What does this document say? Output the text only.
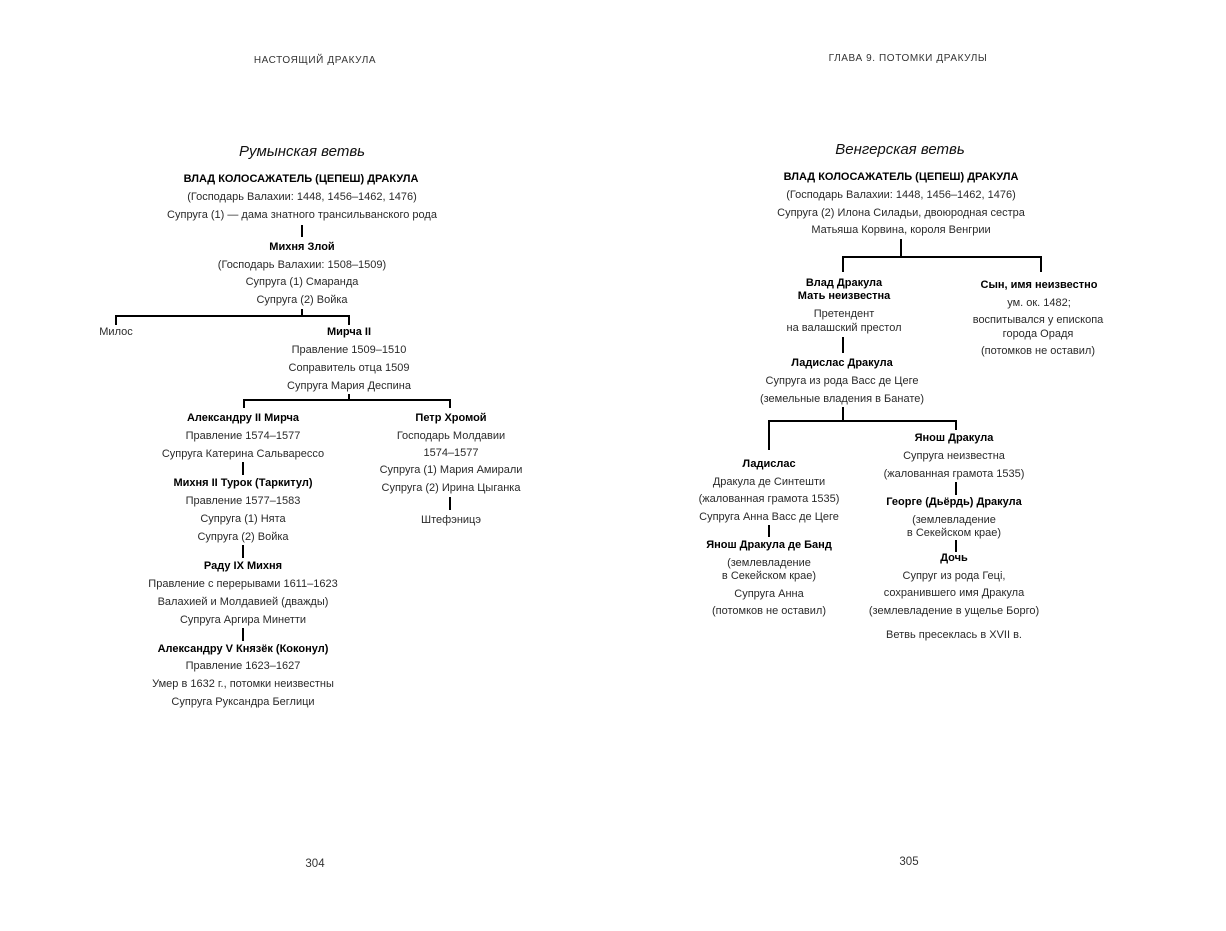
НАСТОЯЩИЙ ДРАКУЛА
Румынская ветвь
ВЛАД КОЛОСАЖАТЕЛЬ (ЦЕПЕШ) ДРАКУЛА
(Господарь Валахии: 1448, 1456–1462, 1476)
Супруга (1) — дама знатного трансильванского рода
Михня Злой
(Господарь Валахии: 1508–1509)
Супруга (1) Смаранда
Супруга (2) Войка
Милос	Мирча II
Правление 1509–1510
Соправитель отца 1509
Супруга Мария Деспина
Александру II Мирча
Правление 1574–1577
Супруга Катерина Сальварессо
Петр Хромой
Господарь Молдавии
1574–1577
Супруга (1) Мария Амирали
Супруга (2) Ирина Цыганка
Штефэницэ
Михня II Турок (Таркитул)
Правление 1577–1583
Супруга (1) Нята
Супруга (2) Войка
Раду IX Михня
Правление с перерывами 1611–1623
Валахией и Молдавией (дважды)
Супруга Аргира Минетти
Александру V Князёк (Коконул)
Правление 1623–1627
Умер в 1632 г., потомки неизвестны
Супруга Руксандра Беглици
304
ГЛАВА 9. ПОТОМКИ ДРАКУЛЫ
Венгерская ветвь
ВЛАД КОЛОСАЖАТЕЛЬ (ЦЕПЕШ) ДРАКУЛА
(Господарь Валахии: 1448, 1456–1462, 1476)
Супруга (2) Илона Силадьи, двоюродная сестра
Матьяша Корвина, короля Венгрии
Влад Дракула
Мать неизвестна
Претендент
на валашский престол
Сын, имя неизвестно
ум. ок. 1482;
воспитывался у епископа
города Орадя
(потомков не оставил)
Ладислас Дракула
Супруга из рода Васс де Цеге
(земельные владения в Банате)
Янош Дракула
Супруга неизвестна
(жалованная грамота 1535)
Георге (Дьёрдь) Дракула
(землевладение
в Секейском крае)
Дочь
Супруг из рода Гецi,
сохранившего имя Дракула
(землевладение в ущелье Борго)
Ветвь пресеклась в XVII в.
Ладислас
Дракула де Синтешти
(жалованная грамота 1535)
Супруга Анна Васс де Цеге
Янош Дракула де Банд
(землевладение
в Секейском крае)
Супруга Анна
(потомков не оставил)
305
